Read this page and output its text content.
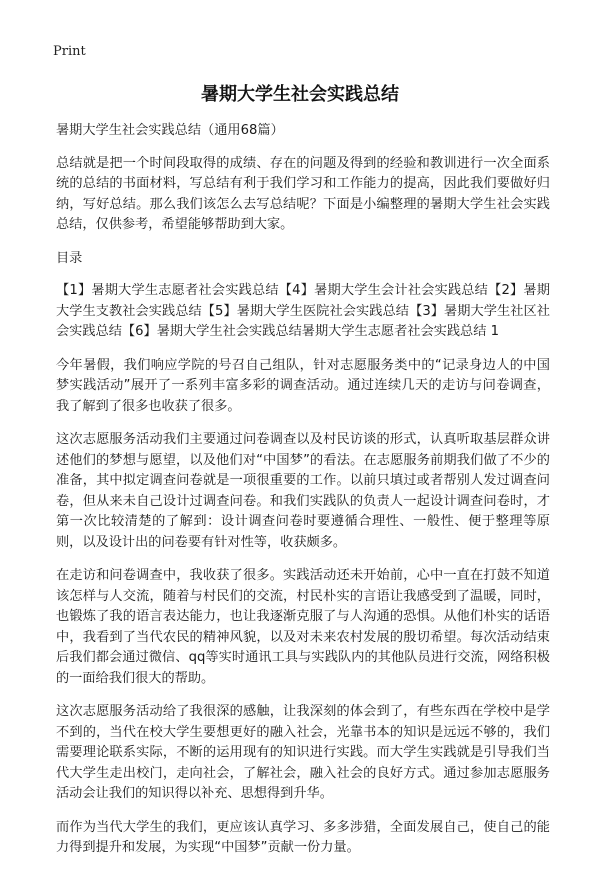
Print
暑期大学生社会实践总结

暑期大学生社会实践总结（通用68篇）

总结就是把一个时间段取得的成绩、存在的问题及得到的经验和教训进行一次全面系统的总结的书面材料，写总结有利于我们学习和工作能力的提高，因此我们要做好归纳，写好总结。那么我们该怎么去写总结呢？下面是小编整理的暑期大学生社会实践总结，仅供参考，希望能够帮助到大家。

目录

【1】暑期大学生志愿者社会实践总结【4】暑期大学生会计社会实践总结【2】暑期大学生支教社会实践总结【5】暑期大学生医院社会实践总结【3】暑期大学生社区社会实践总结【6】暑期大学生社会实践总结暑期大学生志愿者社会实践总结 1

今年暑假，我们响应学院的号召自己组队，针对志愿服务类中的“记录身边人的中国梦实践活动”展开了一系列丰富多彩的调查活动。通过连续几天的走访与问卷调查，我了解到了很多也收获了很多。

这次志愿服务活动我们主要通过问卷调查以及村民访谈的形式，认真听取基层群众讲述他们的梦想与愿望，以及他们对“中国梦”的看法。在志愿服务前期我们做了不少的准备，其中拟定调查问卷就是一项很重要的工作。以前只填过或者帮别人发过调查问卷，但从来未自己设计过调查问卷。和我们实践队的负责人一起设计调查问卷时，才第一次比较清楚的了解到：设计调查问卷时要遵循合理性、一般性、便于整理等原则，以及设计出的问卷要有针对性等，收获颇多。

在走访和问卷调查中，我收获了很多。实践活动还未开始前，心中一直在打鼓不知道该怎样与人交流，随着与村民们的交流，村民朴实的言语让我感受到了温暖，同时，也锻炼了我的语言表达能力，也让我逐渐克服了与人沟通的恐惧。从他们朴实的话语中，我看到了当代农民的精神风貌，以及对未来农村发展的殷切希望。每次活动结束后我们都会通过微信、qq等实时通讯工具与实践队内的其他队员进行交流，网络积极的一面给我们很大的帮助。

这次志愿服务活动给了我很深的感触，让我深刻的体会到了，有些东西在学校中是学不到的，当代在校大学生要想更好的融入社会，光靠书本的知识是远远不够的，我们需要理论联系实际，不断的运用现有的知识进行实践。而大学生实践就是引导我们当代大学生走出校门，走向社会，了解社会，融入社会的良好方式。通过参加志愿服务活动会让我们的知识得以补充、思想得到升华。

而作为当代大学生的我们，更应该认真学习、多多涉猎，全面发展自己，使自己的能力得到提升和发展，为实现“中国梦”贡献一份力量。
